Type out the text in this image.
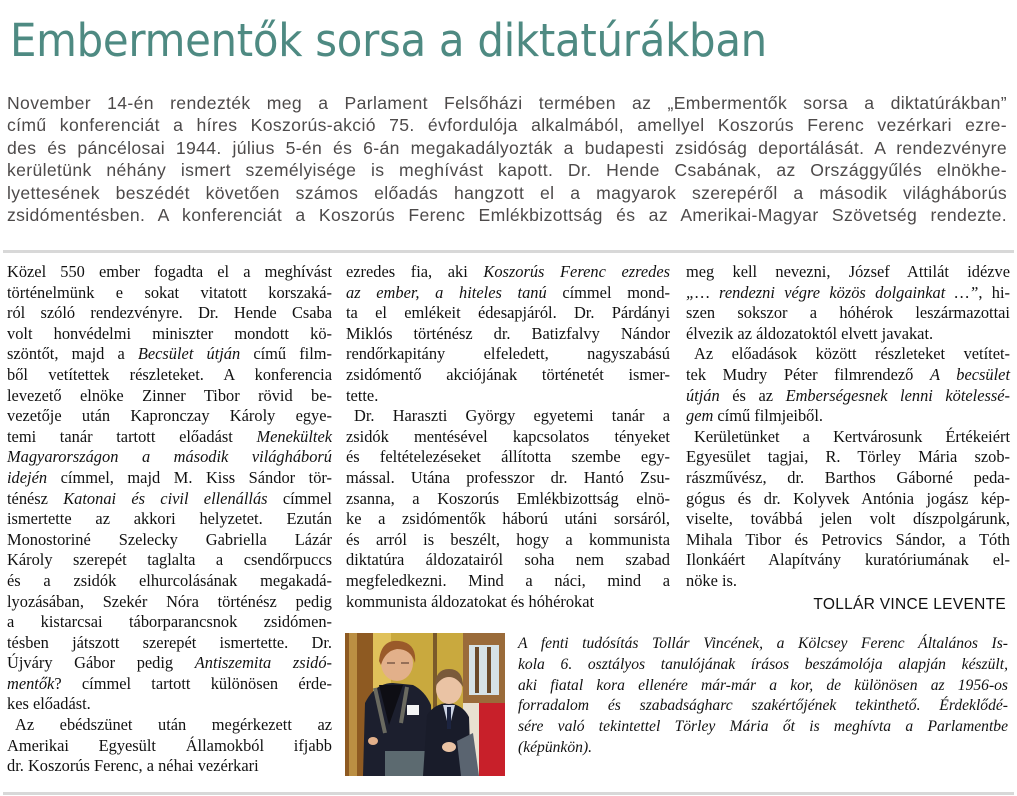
Embermentők sorsa a diktatúrákban
November 14-én rendezték meg a Parlament Felsőházi termében az „Embermentők sorsa a diktatúrákban”
című konferenciát a híres Koszorús-akció 75. évfordulója alkalmából, amellyel Koszorús Ferenc vezérkari ezre-
des és páncélosai 1944. július 5-én és 6-án megakadályozták a budapesti zsidóság deportálását. A rendezvényre
kerületünk néhány ismert személyisége is meghívást kapott. Dr. Hende Csabának, az Országgyűlés elnökhe-
lyettesének beszédét követően számos előadás hangzott el a magyarok szerepéről a második világháborús
zsidómentésben. A konferenciát a Koszorús Ferenc Emlékbizottság és az Amerikai-Magyar Szövetség rendezte.
Közel 550 ember fogadta el a meghívást
történelmünk e sokat vitatott korszaká-
ról szóló rendezvényre. Dr. Hende Csaba
volt honvédelmi miniszter mondott kö-
szöntőt, majd a Becsület útján című film-
ből vetítettek részleteket. A konferencia
levezető elnöke Zinner Tibor rövid be-
vezetője után Kapronczay Károly egye-
temi tanár tartott előadást Menekültek
Magyarországon a második világháború
idején címmel, majd M. Kiss Sándor tör-
ténész Katonai és civil ellenállás címmel
ismertette az akkori helyzetet. Ezután
Monostoriné Szelecky Gabriella Lázár
Károly szerepét taglalta a csendőrpuccs
és a zsidók elhurcolásának megakadá-
lyozásában, Szekér Nóra történész pedig
a kistarcsai táborparancsnok zsidómen-
tésben játszott szerepét ismertette. Dr.
Újváry Gábor pedig Antiszemita zsidó-
mentők? címmel tartott különösen érde-
kes előadást.
Az ebédszünet után megérkezett az
Amerikai Egyesült Államokból ifjabb
dr. Koszorús Ferenc, a néhai vezérkari
ezredes fia, aki Koszorús Ferenc ezredes
az ember, a hiteles tanú címmel mond-
ta el emlékeit édesapjáról. Dr. Párdányi
Miklós történész dr. Batizfalvy Nándor
rendőrkapitány elfeledett, nagyszabású
zsidómentő akciójának történetét ismer-
tette.
Dr. Haraszti György egyetemi tanár a
zsidók mentésével kapcsolatos tényeket
és feltételezéseket állította szembe egy-
mással. Utána professzor dr. Hantó Zsu-
zsanna, a Koszorús Emlékbizottság elnö-
ke a zsidómentők háború utáni sorsáról,
és arról is beszélt, hogy a kommunista
diktatúra áldozatairól soha nem szabad
megfeledkezni. Mind a náci, mind a
kommunista áldozatokat és hóhérokat
meg kell nevezni, József Attilát idézve
„… rendezni végre közös dolgainkat …”, hi-
szen sokszor a hóhérok leszármazottai
élvezik az áldozatoktól elvett javakat.
Az előadások között részleteket vetítet-
tek Mudry Péter filmrendező A becsület
útján és az Emberségesnek lenni kötelessé-
gem című filmjeiből.
Kerületünket a Kertvárosunk Értékeiért
Egyesület tagjai, R. Törley Mária szob-
rászművész, dr. Barthos Gáborné peda-
gógus és dr. Kolyvek Antónia jogász kép-
viselte, továbbá jelen volt díszpolgárunk,
Mihala Tibor és Petrovics Sándor, a Tóth
Ilonkáért Alapítvány kuratóriumának el-
nöke is.
TOLLÁR VINCE LEVENTE
A fenti tudósítás Tollár Vincének, a Kölcsey Ferenc Általános Is-
kola 6. osztályos tanulójának írásos beszámolója alapján készült,
aki fiatal kora ellenére már-már a kor, de különösen az 1956-os
forradalom és szabadságharc szakértőjének tekinthető. Érdeklődé-
sére való tekintettel Törley Mária őt is meghívta a Parlamentbe
(képünkön).
